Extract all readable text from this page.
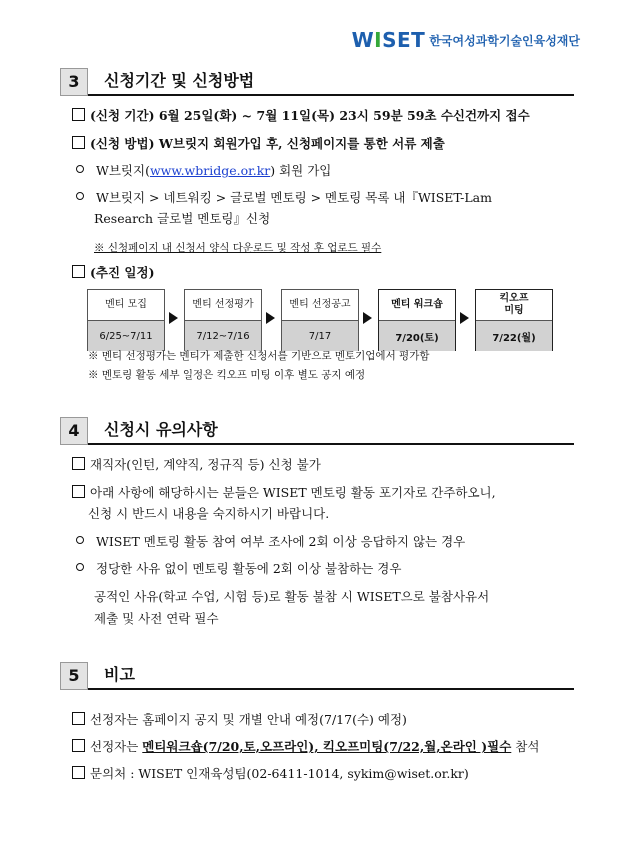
WISET 한국여성과학기술인육성재단
3	신청기간 및 신청방법
(신청 기간) 6월 25일(화) ~ 7월 11일(목) 23시 59분 59초 수신건까지 접수
(신청 방법) W브릿지 회원가입 후, 신청페이지를 통한 서류 제출
W브릿지(www.wbridge.or.kr) 회원 가입
W브릿지 > 네트워킹 > 글로벌 멘토링 > 멘토링 목록 내『WISET-Lam
Research 글로벌 멘토링』신청
※ 신청페이지 내 신청서 양식 다운로드 및 작성 후 업로드 필수
(추진 일정)
멘티 모집
6/25~7/11
멘티 선정평가
7/12~7/16
멘티 선정공고
7/17
멘티 워크숍
7/20(토)
킥오프
미팅
7/22(월)
※ 멘티 선정평가는 멘티가 제출한 신청서를 기반으로 멘토기업에서 평가함
※ 멘토링 활동 세부 일정은 킥오프 미팅 이후 별도 공지 예정
4	신청시 유의사항
재직자(인턴, 계약직, 정규직 등) 신청 불가
아래 사항에 해당하시는 분들은 WISET 멘토링 활동 포기자로 간주하오니,
신청 시 반드시 내용을 숙지하시기 바랍니다.
WISET 멘토링 활동 참여 여부 조사에 2회 이상 응답하지 않는 경우
정당한 사유 없이 멘토링 활동에 2회 이상 불참하는 경우
공적인 사유(학교 수업, 시험 등)로 활동 불참 시 WISET으로 불참사유서
제출 및 사전 연락 필수
5	비고
선정자는 홈페이지 공지 및 개별 안내 예정(7/17(수) 예정)
선정자는 멘티워크숍(7/20,토,오프라인), 킥오프미팅(7/22,월,온라인 )필수 참석
문의처 : WISET 인재육성팀(02-6411-1014, sykim@wiset.or.kr)
